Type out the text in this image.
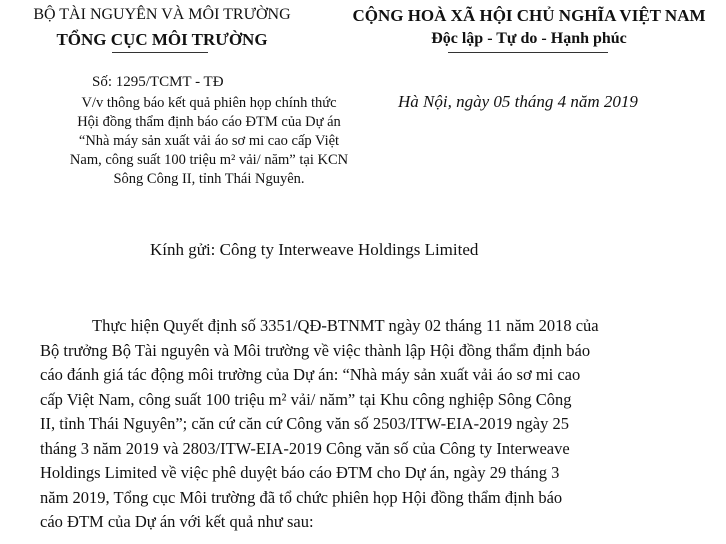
BỘ TÀI NGUYÊN VÀ MÔI TRƯỜNG
TỔNG CỤC MÔI TRƯỜNG
CỘNG HOÀ XÃ HỘI CHỦ NGHĨA VIỆT NAM
Độc lập - Tự do - Hạnh phúc
Số: 1295/TCMT - TĐ
V/v thông báo kết quả phiên họp chính thức
Hội đồng thẩm định báo cáo ĐTM của Dự án
“Nhà máy sản xuất vải áo sơ mi cao cấp Việt
Nam, công suất 100 triệu m² vải/ năm” tại KCN
Sông Công II, tỉnh Thái Nguyên.
Hà Nội, ngày 05 tháng 4 năm 2019
Kính gửi: Công ty Interweave Holdings Limited
Thực hiện Quyết định số 3351/QĐ-BTNMT ngày 02 tháng 11 năm 2018 của
Bộ trưởng Bộ Tài nguyên và Môi trường về việc thành lập Hội đồng thẩm định báo
cáo đánh giá tác động môi trường của Dự án: “Nhà máy sản xuất vải áo sơ mi cao
cấp Việt Nam, công suất 100 triệu m² vải/ năm” tại Khu công nghiệp Sông Công
II, tỉnh Thái Nguyên”; căn cứ căn cứ Công văn số 2503/ITW-EIA-2019 ngày 25
tháng 3 năm 2019 và 2803/ITW-EIA-2019 Công văn số của Công ty Interweave
Holdings Limited về việc phê duyệt báo cáo ĐTM cho Dự án, ngày 29 tháng 3
năm 2019, Tổng cục Môi trường đã tổ chức phiên họp Hội đồng thẩm định báo
cáo ĐTM của Dự án với kết quả như sau:
